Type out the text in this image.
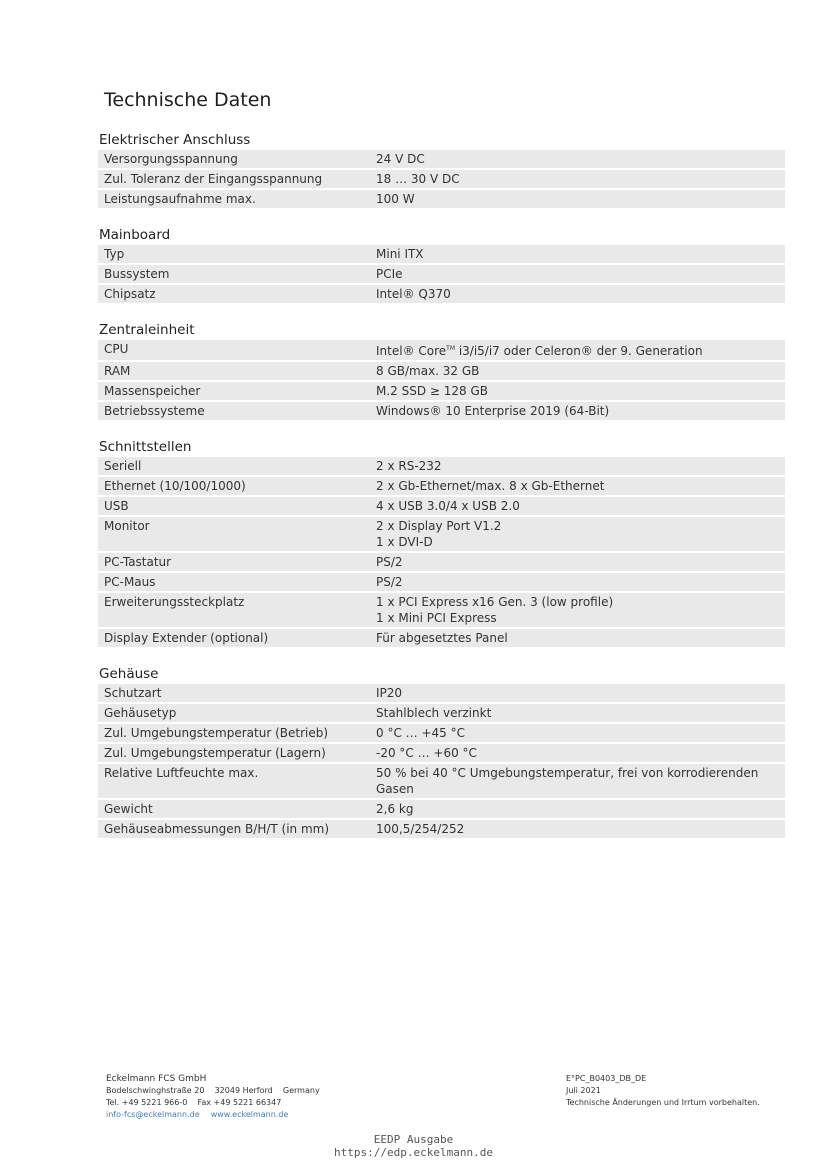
Technische Daten
Elektrischer Anschluss
Versorgungsspannung	24 V DC
Zul. Toleranz der Eingangsspannung	18 … 30 V DC
Leistungsaufnahme max.	100 W
Mainboard
Typ	Mini ITX
Bussystem	PCIe
Chipsatz	Intel® Q370
Zentraleinheit
CPU	Intel® Core™ i3/i5/i7 oder Celeron® der 9. Generation
RAM	8 GB/max. 32 GB
Massenspeicher	M.2 SSD ≥ 128 GB
Betriebssysteme	Windows® 10 Enterprise 2019 (64-Bit)
Schnittstellen
Seriell	2 x RS-232
Ethernet (10/100/1000)	2 x Gb-Ethernet/max. 8 x Gb-Ethernet
USB	4 x USB 3.0/4 x USB 2.0
Monitor	2 x Display Port V1.2
1 x DVI-D
PC-Tastatur	PS/2
PC-Maus	PS/2
Erweiterungssteckplatz	1 x PCI Express x16 Gen. 3 (low profile)
1 x Mini PCI Express
Display Extender (optional)	Für abgesetztes Panel
Gehäuse
Schutzart	IP20
Gehäusetyp	Stahlblech verzinkt
Zul. Umgebungstemperatur (Betrieb)	0 °C … +45 °C
Zul. Umgebungstemperatur (Lagern)	-20 °C … +60 °C
Relative Luftfeuchte max.	50 % bei 40 °C Umgebungstemperatur, frei von korrodierenden
Gasen
Gewicht	2,6 kg
Gehäuseabmessungen B/H/T (in mm)	100,5/254/252
Eckelmann FCS GmbH
Bodelschwinghstraße 20    32049 Herford    Germany
Tel. +49 5221 966-0    Fax +49 5221 66347
info-fcs@eckelmann.de www.eckelmann.de
E°PC_B0403_DB_DE
Juli 2021
Technische Änderungen und Irrtum vorbehalten.
EEDP Ausgabe
https://edp.eckelmann.de
